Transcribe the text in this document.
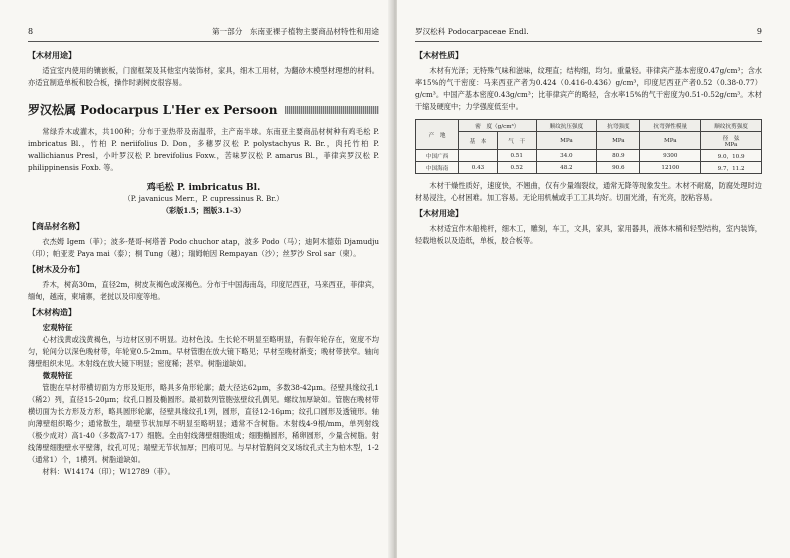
8	第一部分　东南亚裸子植物主要商品材特性和用途
【木材用途】

适宜室内使用的镶嵌板，门窗框架及其他室内装饰材，家具，细木工用材，为翻砂木模型材理想的材料。亦适宜制造单板和胶合板，操作时剥树皮很容易。

罗汉松属 Podocarpus L'Her ex Persoon

常绿乔木或灌木，共100种；分布于亚热带及南温带，主产南半球。东南亚主要商品材树种有鸡毛松 P. imbricatus Bl.，竹柏 P. neriifolius D. Don，多穗罗汉松 P. polystachyus R. Br.，肉托竹柏 P. wallichianus Presl，小叶罗汉松 P. brevifolius Foxw.，苦味罗汉松 P. amarus Bl.，菲律宾罗汉松 P. philippinensis Foxb. 等。

鸡毛松 P. imbricatus Bl.
（P. javanicus Merr.，P. cupressinus R. Br.）
（彩版1.5；图版3.1-3）
【商品材名称】

衣杰姆 Igem（菲）；波多-楚哥-柯塔普 Podo chuchor atap，波多 Podo（马）；迪阿木德茹 Djamudju（印）；帕亚麦 Paya mai（泰）；桐 Tung（越）；瑞姆帕因 Rempayan（沙）；丝罗沙 Srol sar（柬）。

【树木及分布】

乔木，树高30m，直径2m，树皮灰褐色或深褐色。分布于中国海南岛，印度尼西亚，马来西亚，菲律宾，缅甸，越南，柬埔寨，老挝以及印度等地。

【木材构造】
宏观特征

心材浅黄或浅黄褐色，与边材区别不明显。边材色浅。生长轮不明显至略明显，有假年轮存在，宽度不均匀，轮间分以深色晚材带，年轮宽0.5-2mm。早材管胞在放大镜下略见；早材至晚材渐变；晚材带狭窄。轴向薄壁组织未见。木射线在放大镜下明显；密度稀；甚窄。树脂道缺如。

微观特征

管胞在早材带横切面为方形及矩形，略具多角形轮廓；最大径达62μm，多数38-42μm。径壁具缘纹孔1（稀2）列，直径15-20μm；纹孔口圆及椭圆形。最初数列管胞弦壁纹孔偶见。螺纹加厚缺如。管胞在晚材带横切面为长方形及方形，略具圆形轮廓，径壁具缘纹孔1列，圆形，直径12-16μm；纹孔口圆形及透镜形。轴向薄壁组织略少；通常散生，端壁节状加厚不明显至略明显；通常不含树脂。木射线4-9根/mm，单列射线（极少成对）高1-40（多数高7-17）细胞。全由射线薄壁细胞组成；细胞椭圆形，稀卵圆形，少量含树脂。射线薄壁细胞壁水平壁薄，纹孔可见；端壁无节状加厚；凹痕可见。与早材管胞间交叉场纹孔式主为柏木型，1-2（通常1）个，1横列。树脂道缺如。

材料：W14174（印）；W12789（菲）。

罗汉松科 Podocarpaceae Endl.	9
【木材性质】

木材有光泽；无特殊气味和滋味，纹理直；结构细，均匀。重量轻。菲律宾产基本密度0.47g/cm³；含水率15%的气干密度：马来西亚产者为0.424（0.416-0.436）g/cm³，印度尼西亚产者0.52（0.38-0.77）g/cm³。中国产基本密度0.43g/cm³；比菲律宾产的略轻，含水率15%的气干密度为0.51-0.52g/cm³。木材干缩及硬度中；力学强度低至中。

产　地	密　度（g/cm³）		顺纹抗压强度	抗弯强度	抗弯弹性模量	顺纹抗剪强度
	基　本	气　干	MPa	MPa	MPa	径　弦
MPa

中国广西		0.51	34.0	80.9	9300	9.0，10.9
中国海南	0.43	0.52	48.2	90.6	12100	9.7，11.2

木材干燥性质好，速度快，不翘曲，仅有少量端裂纹，通常无降等现象发生。木材不耐腐，防腐处理时边材易浸注，心材困难。加工容易。无论用机械或手工工具均好。切面光滑，有光亮，胶粘容易。

【木材用途】

木材适宜作木船桅杆，细木工，雕刻，车工，文具，家具，家用器具，液体木桶和轻型结构，室内装饰，轻载地板以及造纸，单板，胶合板等。
